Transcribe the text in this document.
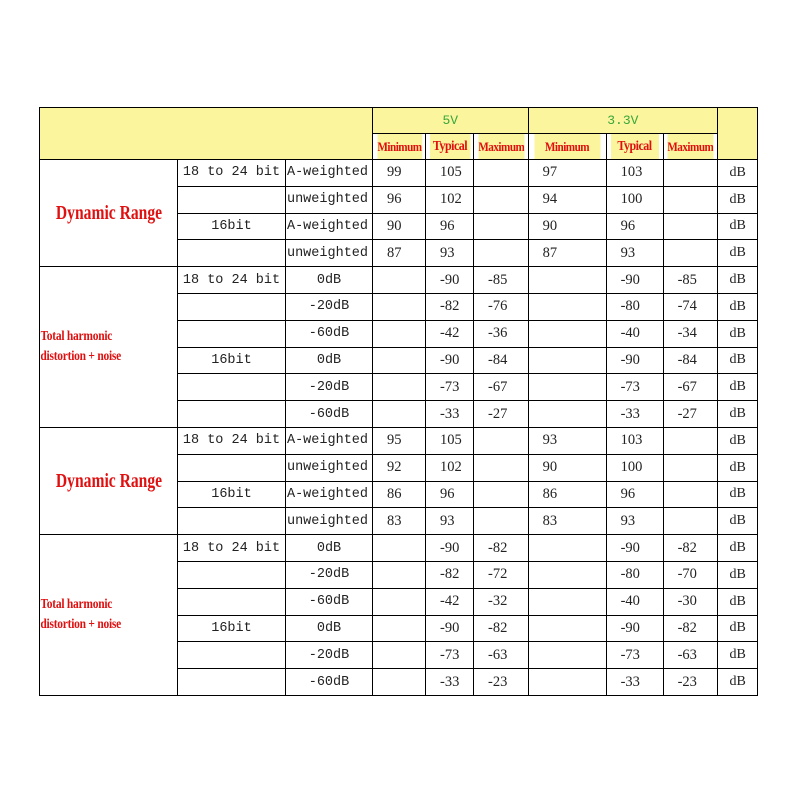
			5V			3.3V			
			Minimum	Typical	Maximum	Minimum	Typical	Maximum	
Dynamic Range	18 to 24 bit	A-weighted	99	105		97	103		dB
		unweighted	96	102		94	100		dB
	16bit	A-weighted	90	96		90	96		dB
		unweighted	87	93		87	93		dB
Total harmonic distortion + noise	18 to 24 bit	0dB		-90	-85		-90	-85	dB
		-20dB		-82	-76		-80	-74	dB
		-60dB		-42	-36		-40	-34	dB
	16bit	0dB		-90	-84		-90	-84	dB
		-20dB		-73	-67		-73	-67	dB
		-60dB		-33	-27		-33	-27	dB
Dynamic Range	18 to 24 bit	A-weighted	95	105		93	103		dB
		unweighted	92	102		90	100		dB
	16bit	A-weighted	86	96		86	96		dB
		unweighted	83	93		83	93		dB
Total harmonic distortion + noise	18 to 24 bit	0dB		-90	-82		-90	-82	dB
		-20dB		-82	-72		-80	-70	dB
		-60dB		-42	-32		-40	-30	dB
	16bit	0dB		-90	-82		-90	-82	dB
		-20dB		-73	-63		-73	-63	dB
		-60dB		-33	-23		-33	-23	dB
